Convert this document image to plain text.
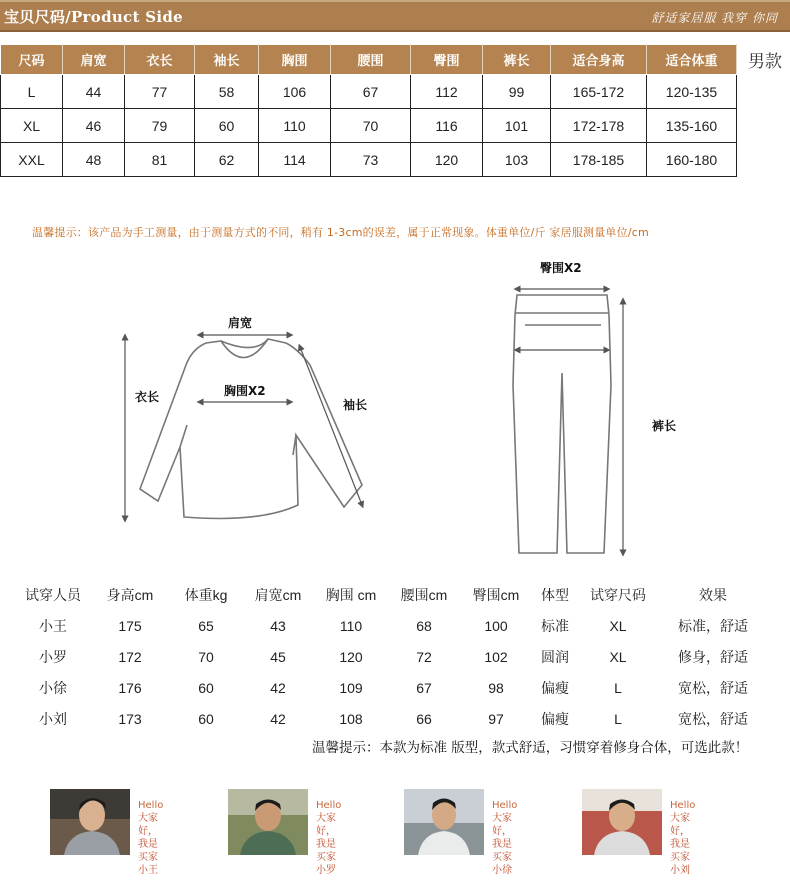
宝贝尺码/Product Side	舒适家居服 我穿 你同
尺码	肩宽	衣长	袖长	胸围	腰围	臀围	裤长	适合身高	适合体重
L	44	77	58	106	67	112	99	165-172	120-135
XL	46	79	60	110	70	116	101	172-178	135-160
XXL	48	81	62	114	73	120	103	178-185	160-180
男款
温馨提示：该产品为手工测量，由于测量方式的不同，稍有 1-3cm的误差，属于正常现象。体重单位/斤 家居服测量单位/cm
肩宽
胸围X2
衣长
袖长
臀围X2
裤长
试穿人员	身高cm	体重kg	肩宽cm	胸围 cm	腰围cm	臀围cm	体型	试穿尺码	效果
小王	175	65	43	110	68	100	标准	XL	标准，舒适
小罗	172	70	45	120	72	102	圆润	XL	修身，舒适
小徐	176	60	42	109	67	98	偏瘦	L	宽松，舒适
小刘	173	60	42	108	66	97	偏瘦	L	宽松，舒适
温馨提示：本款为标准 版型，款式舒适，习惯穿着修身合体，可选此款！
Hello
大家好，我是
买家小王
Hello
大家好，我是
买家小罗
Hello
大家好，我是
买家小徐
Hello
大家好，我是
买家小刘
